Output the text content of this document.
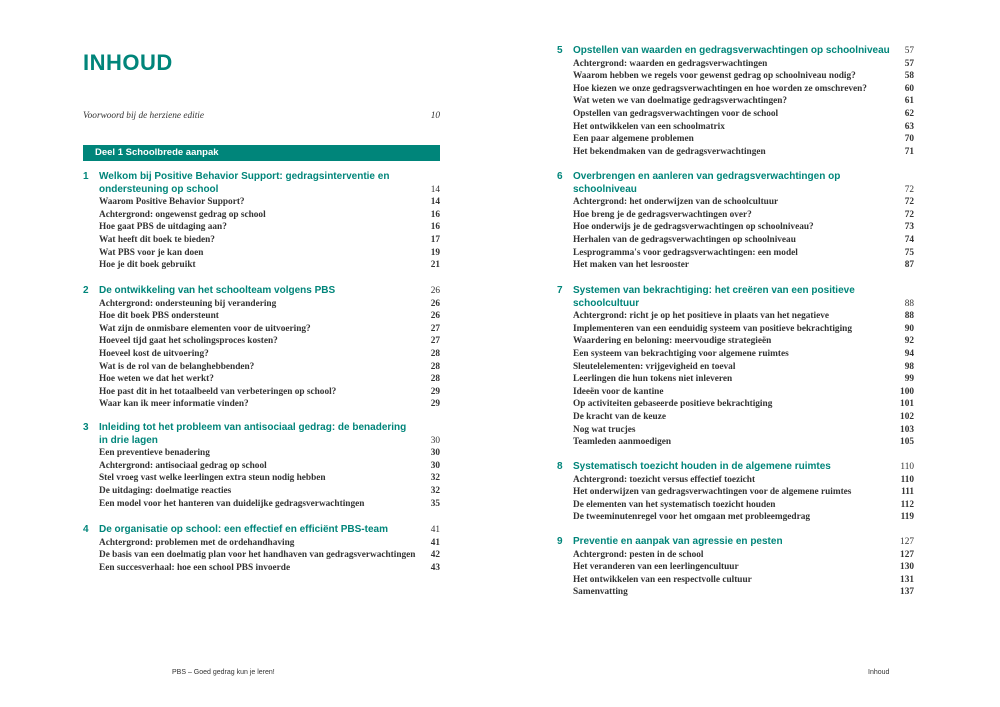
INHOUD
Voorwoord bij de herziene editie	10
Deel 1 Schoolbrede aanpak
1	Welkom bij Positive Behavior Support: gedragsinterventie en
ondersteuning op school	14
Waarom Positive Behavior Support?	14
Achtergrond: ongewenst gedrag op school	16
Hoe gaat PBS de uitdaging aan?	16
Wat heeft dit boek te bieden?	17
Wat PBS voor je kan doen	19
Hoe je dit boek gebruikt	21
2	De ontwikkeling van het schoolteam volgens PBS	26
Achtergrond: ondersteuning bij verandering	26
Hoe dit boek PBS ondersteunt	26
Wat zijn de onmisbare elementen voor de uitvoering?	27
Hoeveel tijd gaat het scholingsproces kosten?	27
Hoeveel kost de uitvoering?	28
Wat is de rol van de belanghebbenden?	28
Hoe weten we dat het werkt?	28
Hoe past dit in het totaalbeeld van verbeteringen op school?	29
Waar kan ik meer informatie vinden?	29
3	Inleiding tot het probleem van antisociaal gedrag: de benadering
in drie lagen	30
Een preventieve benadering	30
Achtergrond: antisociaal gedrag op school	30
Stel vroeg vast welke leerlingen extra steun nodig hebben	32
De uitdaging: doelmatige reacties	32
Een model voor het hanteren van duidelijke gedragsverwachtingen	35
4	De organisatie op school: een effectief en efficiënt PBS-team	41
Achtergrond: problemen met de ordehandhaving	41
De basis van een doelmatig plan voor het handhaven van gedragsverwachtingen 42
Een succesverhaal: hoe een school PBS invoerde	43
5	Opstellen van waarden en gedragsverwachtingen op schoolniveau 57
Achtergrond: waarden en gedragsverwachtingen	57
Waarom hebben we regels voor gewenst gedrag op schoolniveau nodig?	58
Hoe kiezen we onze gedragsverwachtingen en hoe worden ze omschreven?	60
Wat weten we van doelmatige gedragsverwachtingen?	61
Opstellen van gedragsverwachtingen voor de school	62
Het ontwikkelen van een schoolmatrix	63
Een paar algemene problemen	70
Het bekendmaken van de gedragsverwachtingen	71
6	Overbrengen en aanleren van gedragsverwachtingen op
schoolniveau	72
Achtergrond: het onderwijzen van de schoolcultuur	72
Hoe breng je de gedragsverwachtingen over?	72
Hoe onderwijs je de gedragsverwachtingen op schoolniveau?	73
Herhalen van de gedragsverwachtingen op schoolniveau	74
Lesprogramma's voor gedragsverwachtingen: een model	75
Het maken van het lesrooster	87
7	Systemen van bekrachtiging: het creëren van een positieve
schoolcultuur	88
Achtergrond: richt je op het positieve in plaats van het negatieve	88
Implementeren van een eenduidig systeem van positieve bekrachtiging	90
Waardering en beloning: meervoudige strategieën	92
Een systeem van bekrachtiging voor algemene ruimtes	94
Sleutelelementen: vrijgevigheid en toeval	98
Leerlingen die hun tokens niet inleveren	99
Ideeën voor de kantine	100
Op activiteiten gebaseerde positieve bekrachtiging	101
De kracht van de keuze	102
Nog wat trucjes	103
Teamleden aanmoedigen	105
8	Systematisch toezicht houden in de algemene ruimtes	110
Achtergrond: toezicht versus effectief toezicht	110
Het onderwijzen van gedragsverwachtingen voor de algemene ruimtes	111
De elementen van het systematisch toezicht houden	112
De tweeminutenregel voor het omgaan met probleemgedrag	119
9	Preventie en aanpak van agressie en pesten	127
Achtergrond: pesten in de school	127
Het veranderen van een leerlingencultuur	130
Het ontwikkelen van een respectvolle cultuur	131
Samenvatting	137
PBS – Goed gedrag kun je leren!	Inhoud
